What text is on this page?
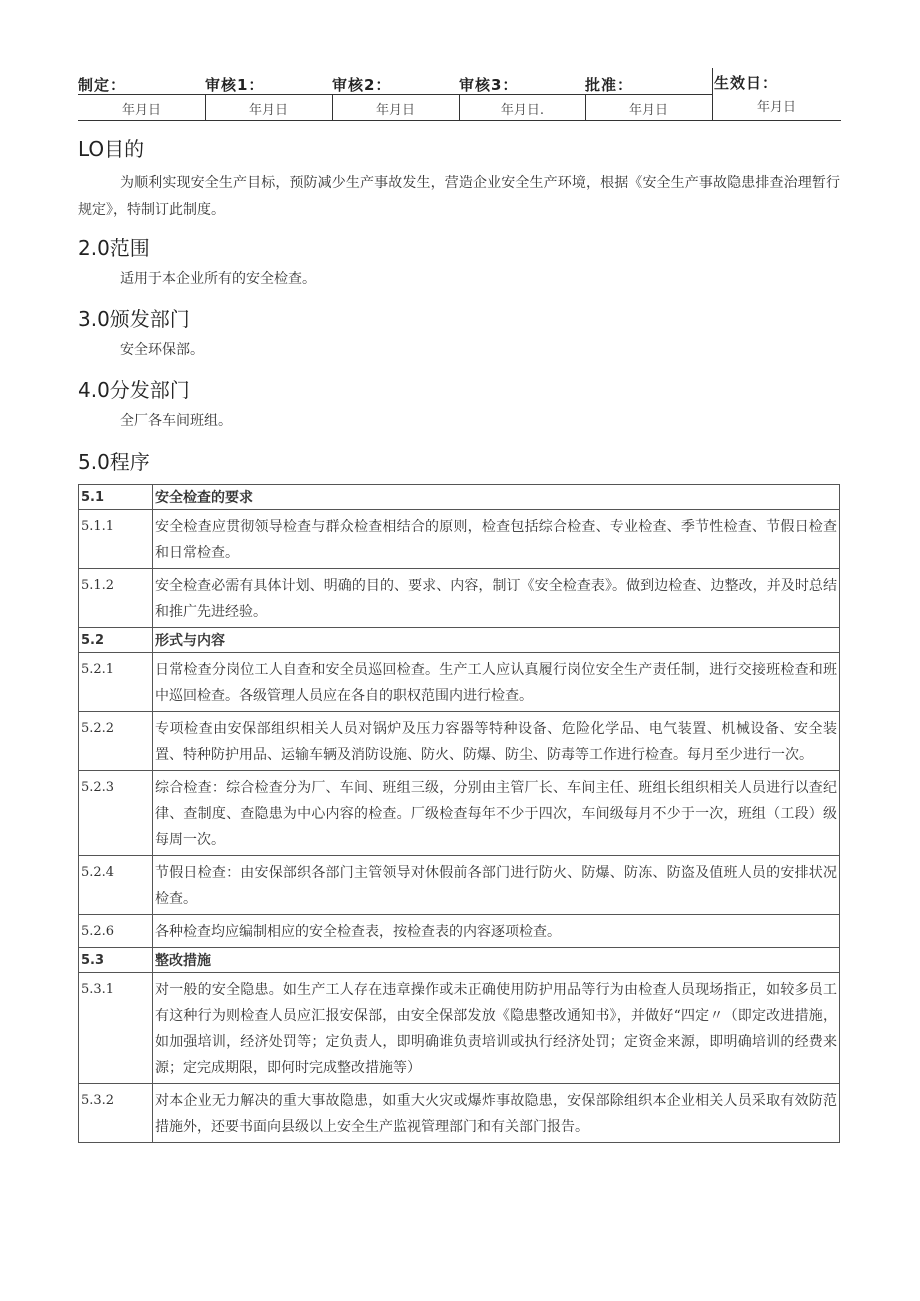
制定：
年月日
审核1：
年月日
审核2：
年月日
审核3：
年月日.
批准：
年月日
生效日：
年月日
LO目的
为顺利实现安全生产目标，预防减少生产事故发生，营造企业安全生产环境，根据《安全生产事故隐患排查治理暂行规定》，特制订此制度。
2.0范围
适用于本企业所有的安全检查。
3.0颁发部门
安全环保部。
4.0分发部门
全厂各车间班组。
5.0程序
5.1	安全检查的要求
5.1.1	安全检查应贯彻领导检查与群众检查相结合的原则，检查包括综合检查、专业检查、季节性检查、节假日检查和日常检查。
5.1.2	安全检查必需有具体计划、明确的目的、要求、内容，制订《安全检查表》。做到边检查、边整改，并及时总结和推广先进经验。
5.2	形式与内容
5.2.1	日常检查分岗位工人自查和安全员巡回检查。生产工人应认真履行岗位安全生产责任制，进行交接班检查和班中巡回检查。各级管理人员应在各自的职权范围内进行检查。
5.2.2	专项检查由安保部组织相关人员对锅炉及压力容器等特种设备、危险化学品、电气装置、机械设备、安全装置、特种防护用品、运输车辆及消防设施、防火、防爆、防尘、防毒等工作进行检查。每月至少进行一次。
5.2.3	综合检查：综合检查分为厂、车间、班组三级，分别由主管厂长、车间主任、班组长组织相关人员进行以查纪律、查制度、查隐患为中心内容的检查。厂级检查每年不少于四次，车间级每月不少于一次，班组（工段）级每周一次。
5.2.4	节假日检查：由安保部织各部门主管领导对休假前各部门进行防火、防爆、防冻、防盗及值班人员的安排状况检查。
5.2.6	各种检查均应编制相应的安全检查表，按检查表的内容逐项检查。
5.3	整改措施
5.3.1	对一般的安全隐患。如生产工人存在违章操作或未正确使用防护用品等行为由检查人员现场指正，如较多员工有这种行为则检查人员应汇报安保部，由安全保部发放《隐患整改通知书》，并做好“四定〃（即定改进措施，如加强培训，经济处罚等；定负责人，即明确谁负责培训或执行经济处罚；定资金来源，即明确培训的经费来源；定完成期限，即何时完成整改措施等）
5.3.2	对本企业无力解决的重大事故隐患，如重大火灾或爆炸事故隐患，安保部除组织本企业相关人员采取有效防范措施外，还要书面向县级以上安全生产监视管理部门和有关部门报告。
